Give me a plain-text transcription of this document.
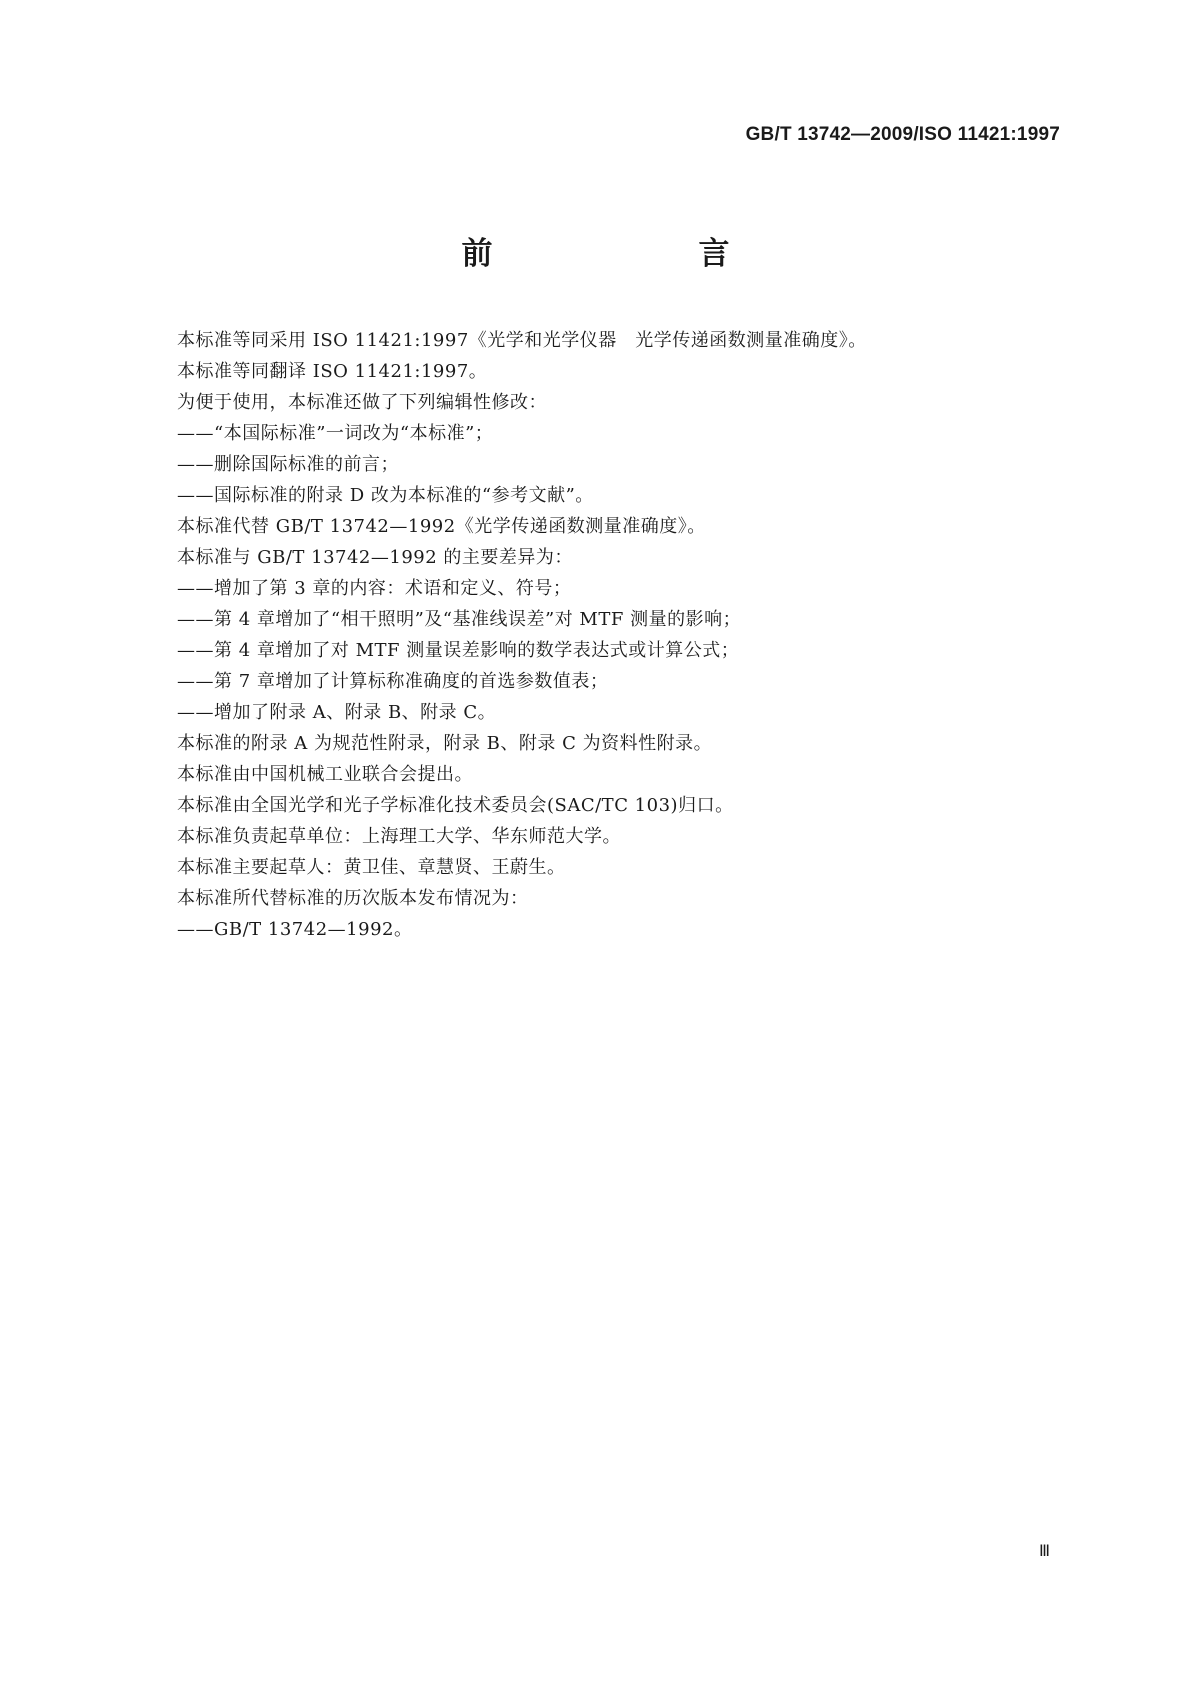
GB/T 13742—2009/ISO 11421:1997
前　　言
本标准等同采用 ISO 11421:1997《光学和光学仪器　光学传递函数测量准确度》。
本标准等同翻译 ISO 11421:1997。
为便于使用，本标准还做了下列编辑性修改：
——“本国际标准”一词改为“本标准”；
——删除国际标准的前言；
——国际标准的附录 D 改为本标准的“参考文献”。
本标准代替 GB/T 13742—1992《光学传递函数测量准确度》。
本标准与 GB/T 13742—1992 的主要差异为：
——增加了第 3 章的内容：术语和定义、符号；
——第 4 章增加了“相干照明”及“基准线误差”对 MTF 测量的影响；
——第 4 章增加了对 MTF 测量误差影响的数学表达式或计算公式；
——第 7 章增加了计算标称准确度的首选参数值表；
——增加了附录 A、附录 B、附录 C。
本标准的附录 A 为规范性附录，附录 B、附录 C 为资料性附录。
本标准由中国机械工业联合会提出。
本标准由全国光学和光子学标准化技术委员会(SAC/TC 103)归口。
本标准负责起草单位：上海理工大学、华东师范大学。
本标准主要起草人：黄卫佳、章慧贤、王蔚生。
本标准所代替标准的历次版本发布情况为：
——GB/T 13742—1992。
Ⅲ
